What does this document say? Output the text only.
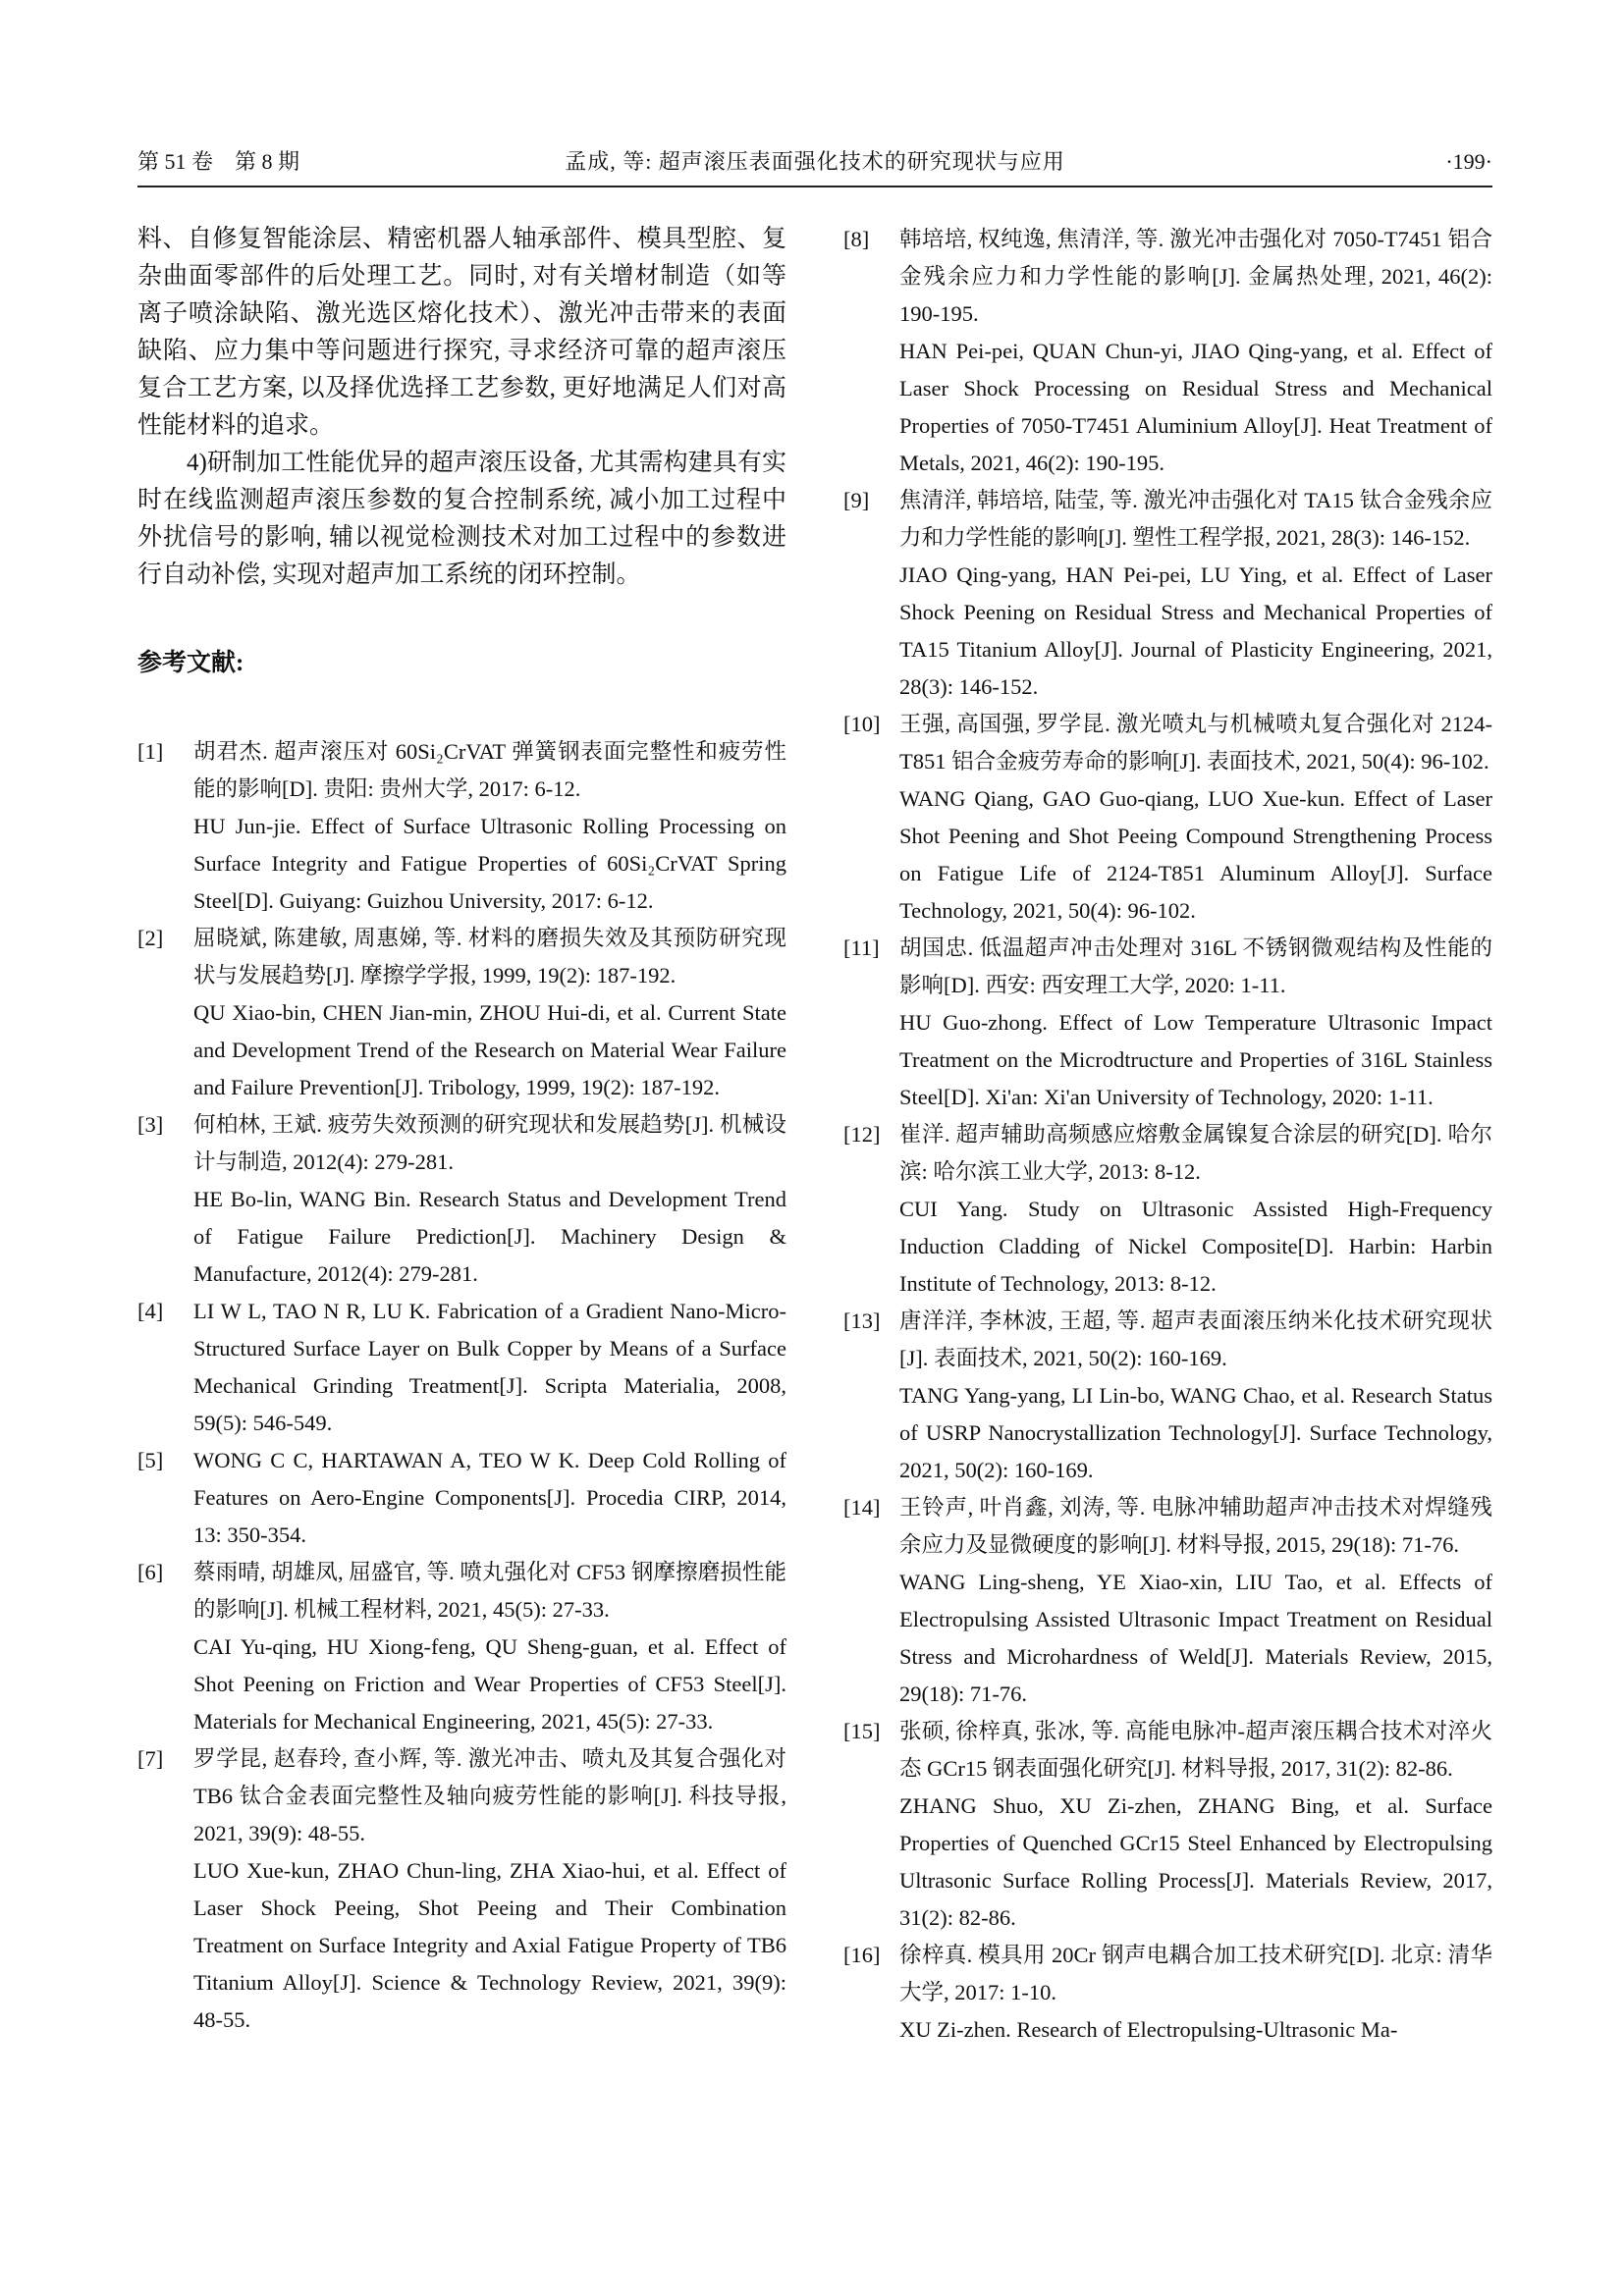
第 51 卷　第 8 期	孟成, 等: 超声滚压表面强化技术的研究现状与应用	·199·

料、自修复智能涂层、精密机器人轴承部件、模具型腔、复杂曲面零部件的后处理工艺。同时, 对有关增材制造（如等离子喷涂缺陷、激光选区熔化技术）、激光冲击带来的表面缺陷、应力集中等问题进行探究, 寻求经济可靠的超声滚压复合工艺方案, 以及择优选择工艺参数, 更好地满足人们对高性能材料的追求。

4)研制加工性能优异的超声滚压设备, 尤其需构建具有实时在线监测超声滚压参数的复合控制系统, 减小加工过程中外扰信号的影响, 辅以视觉检测技术对加工过程中的参数进行自动补偿, 实现对超声加工系统的闭环控制。

参考文献:
[1] 胡君杰. 超声滚压对 60Si₂CrVAT 弹簧钢表面完整性和疲劳性能的影响[D]. 贵阳: 贵州大学, 2017: 6-12.

HU Jun-jie. Effect of Surface Ultrasonic Rolling Processing on Surface Integrity and Fatigue Properties of 60Si₂CrVAT Spring Steel[D]. Guiyang: Guizhou University, 2017: 6-12.

[2] 屈晓斌, 陈建敏, 周惠娣, 等. 材料的磨损失效及其预防研究现状与发展趋势[J]. 摩擦学学报, 1999, 19(2): 187-192.

QU Xiao-bin, CHEN Jian-min, ZHOU Hui-di, et al. Current State and Development Trend of the Research on Material Wear Failure and Failure Prevention[J]. Tribology, 1999, 19(2): 187-192.

[3] 何柏林, 王斌. 疲劳失效预测的研究现状和发展趋势[J]. 机械设计与制造, 2012(4): 279-281.

HE Bo-lin, WANG Bin. Research Status and Development Trend of Fatigue Failure Prediction[J]. Machinery Design & Manufacture, 2012(4): 279-281.

[4] LI W L, TAO N R, LU K. Fabrication of a Gradient Nano-Micro-Structured Surface Layer on Bulk Copper by Means of a Surface Mechanical Grinding Treatment[J]. Scripta Materialia, 2008, 59(5): 546-549.

[5] WONG C C, HARTAWAN A, TEO W K. Deep Cold Rolling of Features on Aero-Engine Components[J]. Procedia CIRP, 2014, 13: 350-354.

[6] 蔡雨晴, 胡雄凤, 屈盛官, 等. 喷丸强化对 CF53 钢摩擦磨损性能的影响[J]. 机械工程材料, 2021, 45(5): 27-33.

CAI Yu-qing, HU Xiong-feng, QU Sheng-guan, et al. Effect of Shot Peening on Friction and Wear Properties of CF53 Steel[J]. Materials for Mechanical Engineering, 2021, 45(5): 27-33.

[7] 罗学昆, 赵春玲, 查小辉, 等. 激光冲击、喷丸及其复合强化对 TB6 钛合金表面完整性及轴向疲劳性能的影响[J]. 科技导报, 2021, 39(9): 48-55.

LUO Xue-kun, ZHAO Chun-ling, ZHA Xiao-hui, et al. Effect of Laser Shock Peeing, Shot Peeing and Their Combination Treatment on Surface Integrity and Axial Fatigue Property of TB6 Titanium Alloy[J]. Science & Technology Review, 2021, 39(9): 48-55.

[8] 韩培培, 权纯逸, 焦清洋, 等. 激光冲击强化对 7050-T7451 铝合金残余应力和力学性能的影响[J]. 金属热处理, 2021, 46(2): 190-195.

HAN Pei-pei, QUAN Chun-yi, JIAO Qing-yang, et al. Effect of Laser Shock Processing on Residual Stress and Mechanical Properties of 7050-T7451 Aluminium Alloy[J]. Heat Treatment of Metals, 2021, 46(2): 190-195.

[9] 焦清洋, 韩培培, 陆莹, 等. 激光冲击强化对 TA15 钛合金残余应力和力学性能的影响[J]. 塑性工程学报, 2021, 28(3): 146-152.

JIAO Qing-yang, HAN Pei-pei, LU Ying, et al. Effect of Laser Shock Peening on Residual Stress and Mechanical Properties of TA15 Titanium Alloy[J]. Journal of Plasticity Engineering, 2021, 28(3): 146-152.

[10] 王强, 高国强, 罗学昆. 激光喷丸与机械喷丸复合强化对 2124-T851 铝合金疲劳寿命的影响[J]. 表面技术, 2021, 50(4): 96-102.

WANG Qiang, GAO Guo-qiang, LUO Xue-kun. Effect of Laser Shot Peening and Shot Peeing Compound Strengthening Process on Fatigue Life of 2124-T851 Aluminum Alloy[J]. Surface Technology, 2021, 50(4): 96-102.

[11] 胡国忠. 低温超声冲击处理对 316L 不锈钢微观结构及性能的影响[D]. 西安: 西安理工大学, 2020: 1-11.

HU Guo-zhong. Effect of Low Temperature Ultrasonic Impact Treatment on the Microdtructure and Properties of 316L Stainless Steel[D]. Xi'an: Xi'an University of Technology, 2020: 1-11.

[12] 崔洋. 超声辅助高频感应熔敷金属镍复合涂层的研究[D]. 哈尔滨: 哈尔滨工业大学, 2013: 8-12.

CUI Yang. Study on Ultrasonic Assisted High-Frequency Induction Cladding of Nickel Composite[D]. Harbin: Harbin Institute of Technology, 2013: 8-12.

[13] 唐洋洋, 李林波, 王超, 等. 超声表面滚压纳米化技术研究现状[J]. 表面技术, 2021, 50(2): 160-169.

TANG Yang-yang, LI Lin-bo, WANG Chao, et al. Research Status of USRP Nanocrystallization Technology[J]. Surface Technology, 2021, 50(2): 160-169.

[14] 王铃声, 叶肖鑫, 刘涛, 等. 电脉冲辅助超声冲击技术对焊缝残余应力及显微硬度的影响[J]. 材料导报, 2015, 29(18): 71-76.

WANG Ling-sheng, YE Xiao-xin, LIU Tao, et al. Effects of Electropulsing Assisted Ultrasonic Impact Treatment on Residual Stress and Microhardness of Weld[J]. Materials Review, 2015, 29(18): 71-76.

[15] 张硕, 徐梓真, 张冰, 等. 高能电脉冲-超声滚压耦合技术对淬火态 GCr15 钢表面强化研究[J]. 材料导报, 2017, 31(2): 82-86.

ZHANG Shuo, XU Zi-zhen, ZHANG Bing, et al. Surface Properties of Quenched GCr15 Steel Enhanced by Electropulsing Ultrasonic Surface Rolling Process[J]. Materials Review, 2017, 31(2): 82-86.

[16] 徐梓真. 模具用 20Cr 钢声电耦合加工技术研究[D]. 北京: 清华大学, 2017: 1-10.

XU Zi-zhen. Research of Electropulsing-Ultrasonic Ma-
